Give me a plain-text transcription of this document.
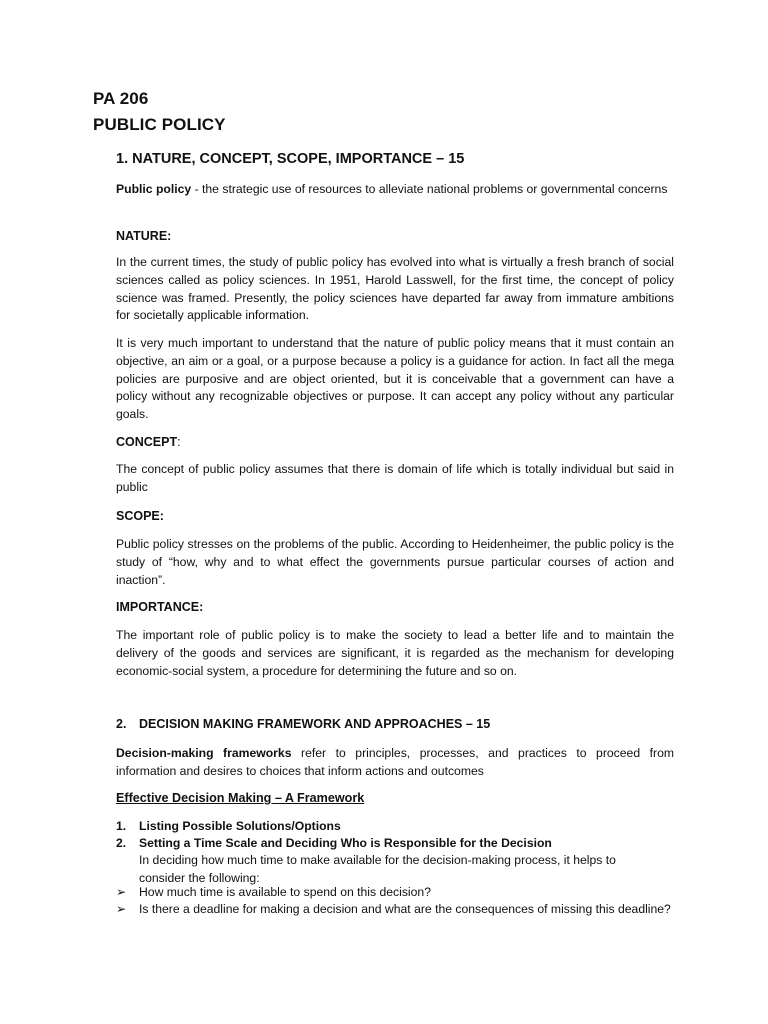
PA 206
PUBLIC POLICY
1. NATURE, CONCEPT, SCOPE, IMPORTANCE – 15

Public policy - the strategic use of resources to alleviate national problems or governmental concerns

NATURE:

In the current times, the study of public policy has evolved into what is virtually a fresh branch of social sciences called as policy sciences. In 1951, Harold Lasswell, for the first time, the concept of policy science was framed. Presently, the policy sciences have departed far away from immature ambitions for societally applicable information.

It is very much important to understand that the nature of public policy means that it must contain an objective, an aim or a goal, or a purpose because a policy is a guidance for action. In fact all the mega policies are purposive and are object oriented, but it is conceivable that a government can have a policy without any recognizable objectives or purpose. It can accept any policy without any particular goals.

CONCEPT:

The concept of public policy assumes that there is domain of life which is totally individual but said in public

SCOPE:

Public policy stresses on the problems of the public. According to Heidenheimer, the public policy is the study of “how, why and to what effect the governments pursue particular courses of action and inaction”.

IMPORTANCE:

The important role of public policy is to make the society to lead a better life and to maintain the delivery of the goods and services are significant, it is regarded as the mechanism for developing economic-social system, a procedure for determining the future and so on.

2. DECISION MAKING FRAMEWORK AND APPROACHES – 15

Decision-making frameworks refer to principles, processes, and practices to proceed from information and desires to choices that inform actions and outcomes

Effective Decision Making – A Framework
1.	Listing Possible Solutions/Options
2.	Setting a Time Scale and Deciding Who is Responsible for the Decision
In deciding how much time to make available for the decision-making process, it helps to consider the following:
➢	How much time is available to spend on this decision?
➢	Is there a deadline for making a decision and what are the consequences of missing this deadline?
